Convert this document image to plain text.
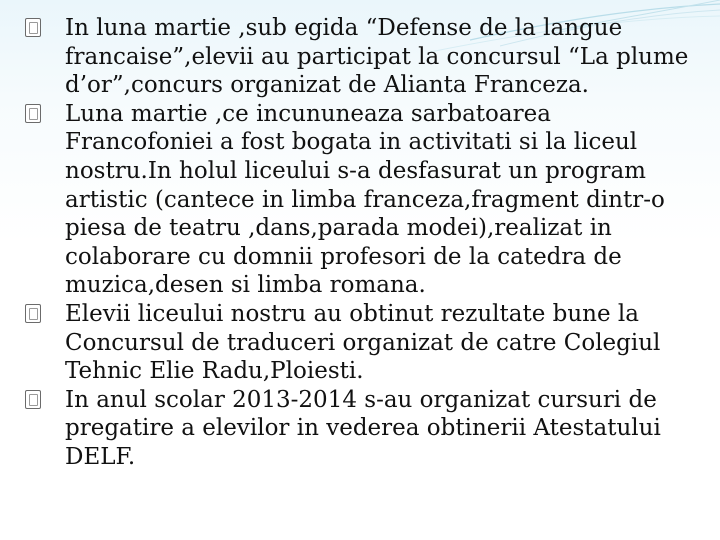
In luna martie ,sub egida “Defense de la langue francaise”,elevii au participat la concursul “La plume d’or”,concurs organizat de Alianta Franceza.
Luna martie ,ce incununeaza sarbatoarea Francofoniei a fost bogata in activitati si la liceul nostru.In holul liceului s-a desfasurat un program artistic (cantece in limba franceza,fragment dintr-o piesa de teatru ,dans,parada modei),realizat in colaborare cu domnii profesori de la catedra de muzica,desen si limba romana.
Elevii liceului nostru au obtinut rezultate bune la Concursul de traduceri organizat de catre Colegiul Tehnic Elie Radu,Ploiesti.
In anul scolar 2013-2014 s-au organizat cursuri de pregatire a elevilor in vederea obtinerii Atestatului DELF.
